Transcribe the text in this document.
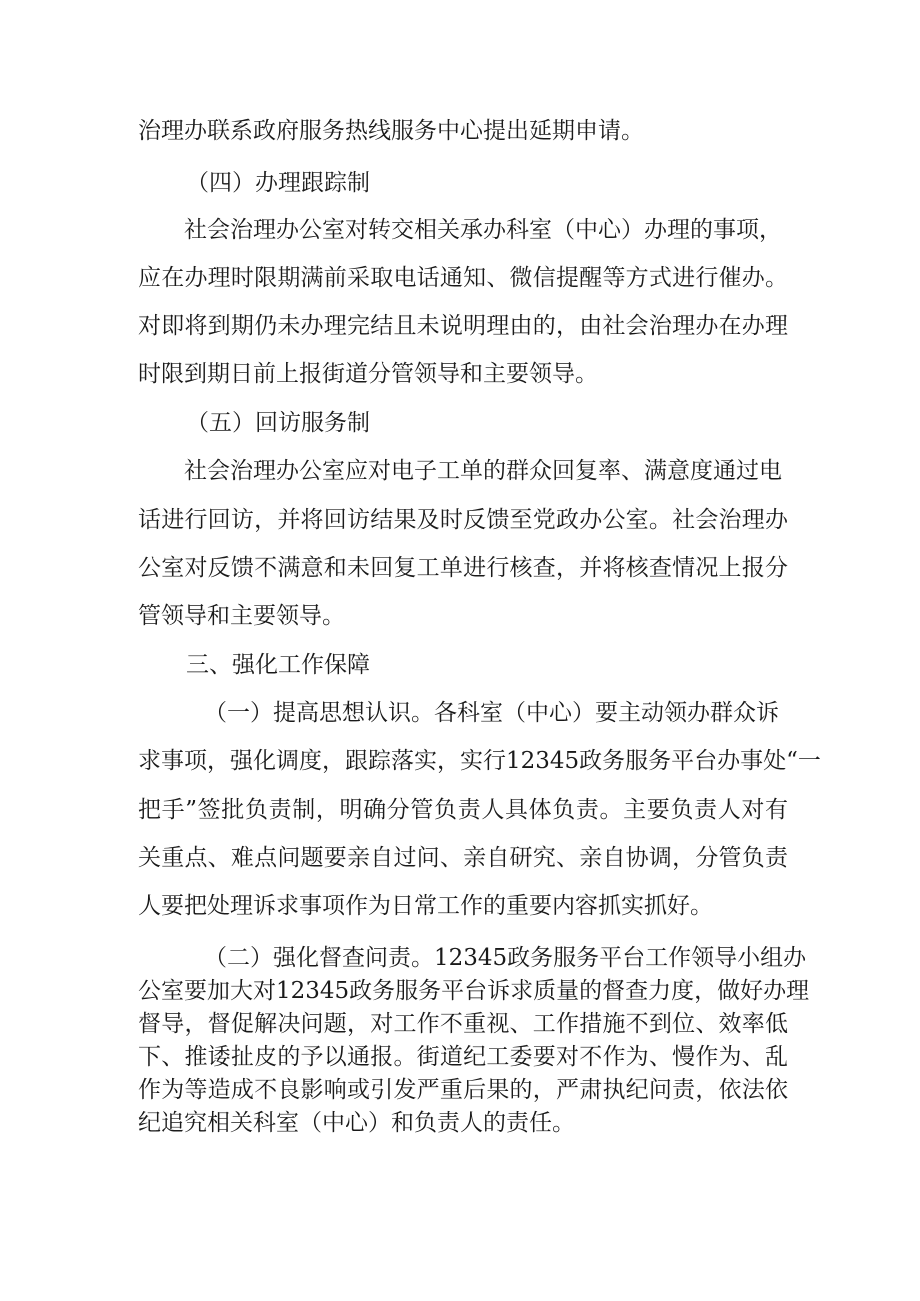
治理办联系政府服务热线服务中心提出延期申请。
（四）办理跟踪制
社会治理办公室对转交相关承办科室（中心）办理的事项，
应在办理时限期满前采取电话通知、微信提醒等方式进行催办。
对即将到期仍未办理完结且未说明理由的，由社会治理办在办理
时限到期日前上报街道分管领导和主要领导。
（五）回访服务制
社会治理办公室应对电子工单的群众回复率、满意度通过电
话进行回访，并将回访结果及时反馈至党政办公室。社会治理办
公室对反馈不满意和未回复工单进行核查，并将核查情况上报分
管领导和主要领导。
三、强化工作保障
（一）提高思想认识。各科室（中心）要主动领办群众诉
求事项，强化调度，跟踪落实，实行12345政务服务平台办事处“一
把手”签批负责制，明确分管负责人具体负责。主要负责人对有
关重点、难点问题要亲自过问、亲自研究、亲自协调，分管负责
人要把处理诉求事项作为日常工作的重要内容抓实抓好。
（二）强化督查问责。12345政务服务平台工作领导小组办
公室要加大对12345政务服务平台诉求质量的督查力度，做好办理
督导，督促解决问题，对工作不重视、工作措施不到位、效率低
下、推诿扯皮的予以通报。街道纪工委要对不作为、慢作为、乱
作为等造成不良影响或引发严重后果的，严肃执纪问责，依法依
纪追究相关科室（中心）和负责人的责任。
